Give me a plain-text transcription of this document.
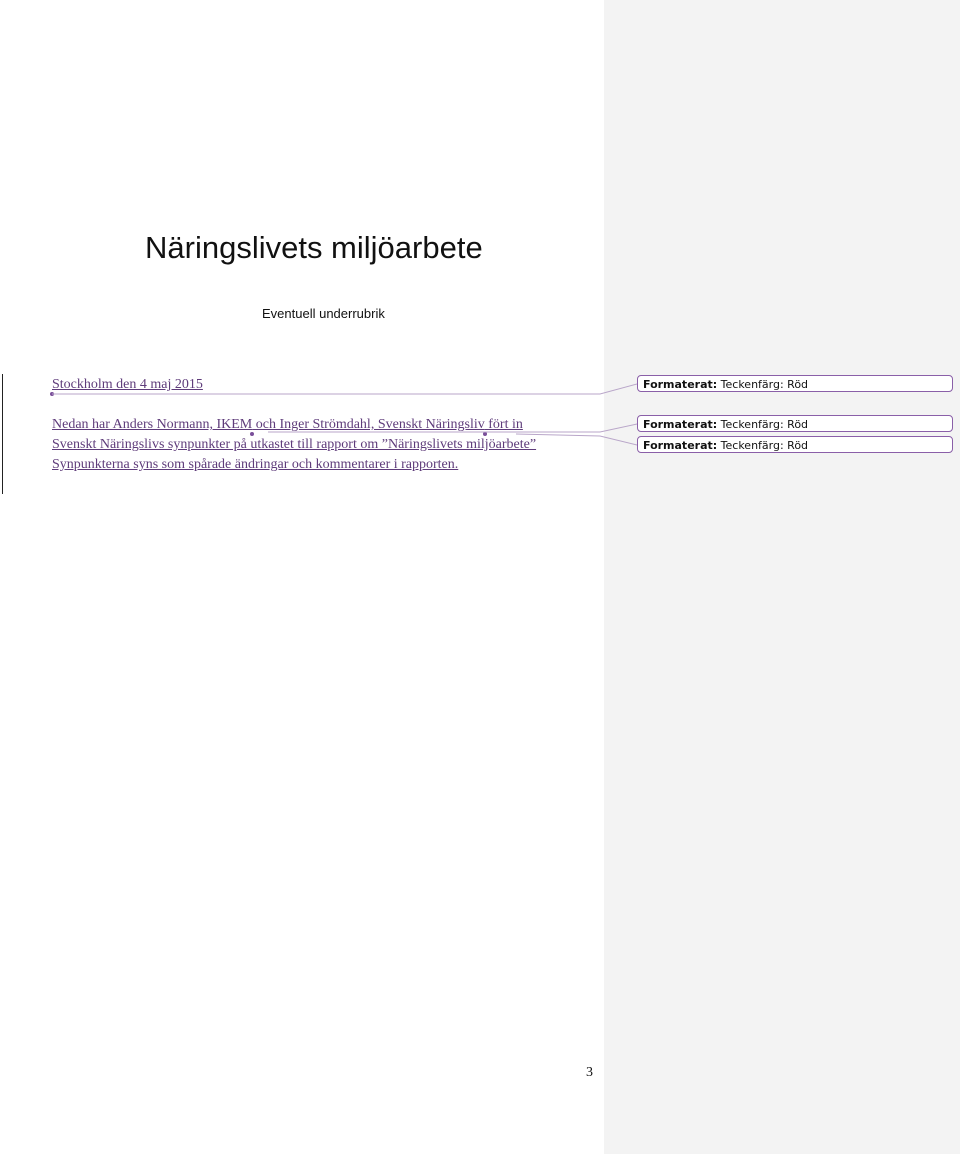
Näringslivets miljöarbete
Eventuell underrubrik
Stockholm den 4 maj 2015
Nedan har Anders Normann, IKEM och Inger Strömdahl, Svenskt Näringsliv fört in
Svenskt Näringslivs synpunkter på utkastet till rapport om ”Näringslivets miljöarbete”
Synpunkterna syns som spårade ändringar och kommentarer i rapporten.
Formaterat: Teckenfärg: Röd
Formaterat: Teckenfärg: Röd
Formaterat: Teckenfärg: Röd
3
